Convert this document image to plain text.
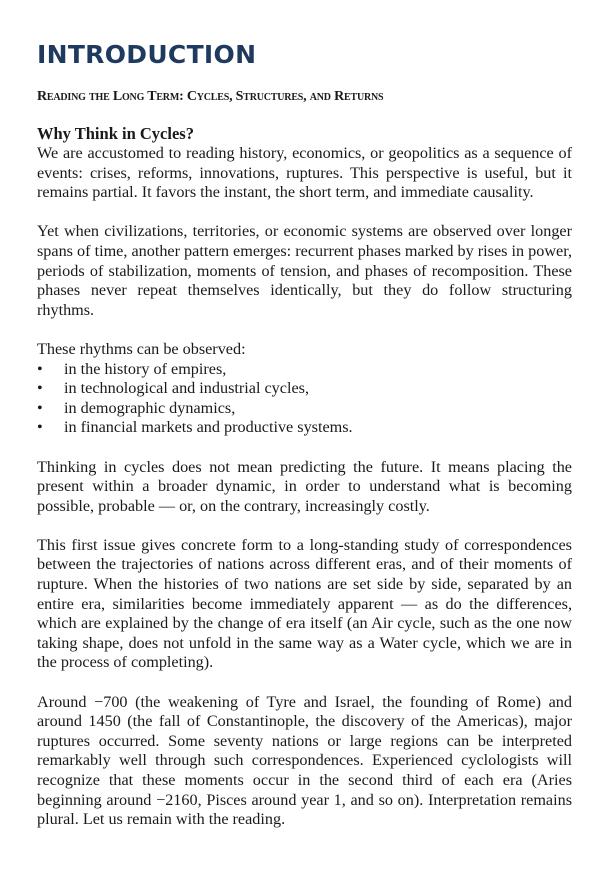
INTRODUCTION
Reading the Long Term: Cycles, Structures, and Returns
Why Think in Cycles?

We are accustomed to reading history, economics, or geopolitics as a sequence of events: crises, reforms, innovations, ruptures. This perspective is useful, but it remains partial. It favors the instant, the short term, and immediate causality.

Yet when civilizations, territories, or economic systems are observed over longer spans of time, another pattern emerges: recurrent phases marked by rises in power, periods of stabilization, moments of tension, and phases of recomposition. These phases never repeat themselves identically, but they do follow structuring rhythms.

These rhythms can be observed:

• in the history of empires,
• in technological and industrial cycles,
• in demographic dynamics,
• in financial markets and productive systems.

Thinking in cycles does not mean predicting the future. It means placing the present within a broader dynamic, in order to understand what is becoming possible, probable — or, on the contrary, increasingly costly.

This first issue gives concrete form to a long-standing study of correspondences between the trajectories of nations across different eras, and of their moments of rupture. When the histories of two nations are set side by side, separated by an entire era, similarities become immediately apparent — as do the differences, which are explained by the change of era itself (an Air cycle, such as the one now taking shape, does not unfold in the same way as a Water cycle, which we are in the process of completing).

Around −700 (the weakening of Tyre and Israel, the founding of Rome) and around 1450 (the fall of Constantinople, the discovery of the Americas), major ruptures occurred. Some seventy nations or large regions can be interpreted remarkably well through such correspondences. Experienced cyclologists will recognize that these moments occur in the second third of each era (Aries beginning around −2160, Pisces around year 1, and so on). Interpretation remains plural. Let us remain with the reading.
